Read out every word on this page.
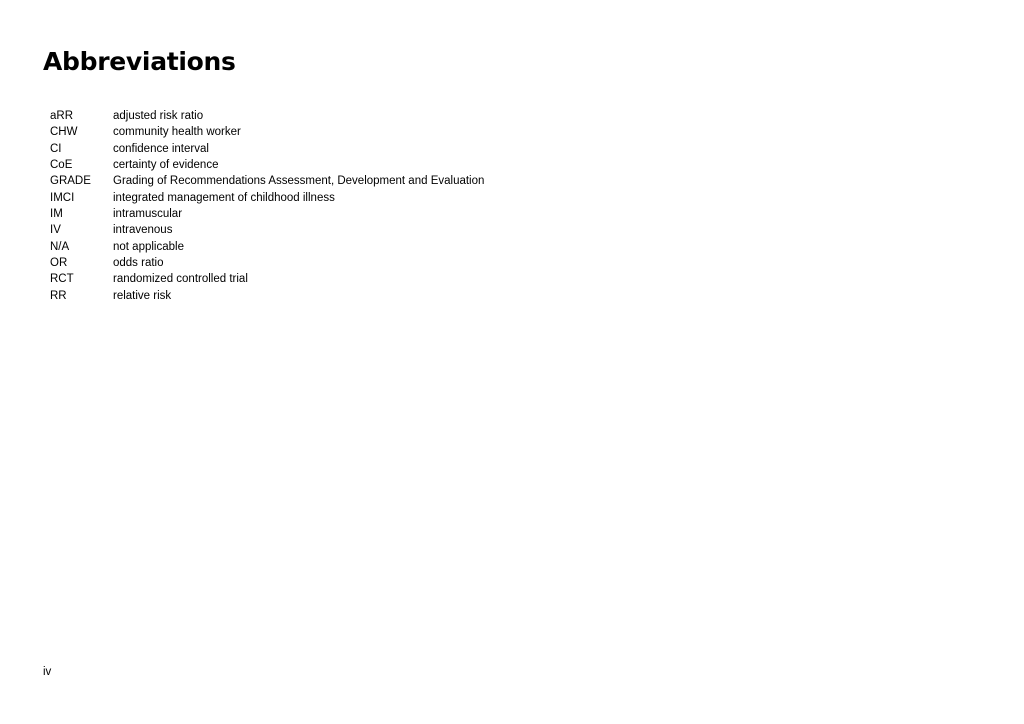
Abbreviations
aRR	adjusted risk ratio
CHW	community health worker
CI	confidence interval
CoE	certainty of evidence
GRADE	Grading of Recommendations Assessment, Development and Evaluation
IMCI	integrated management of childhood illness
IM	intramuscular
IV	intravenous
N/A	not applicable
OR	odds ratio
RCT	randomized controlled trial
RR	relative risk
iv
